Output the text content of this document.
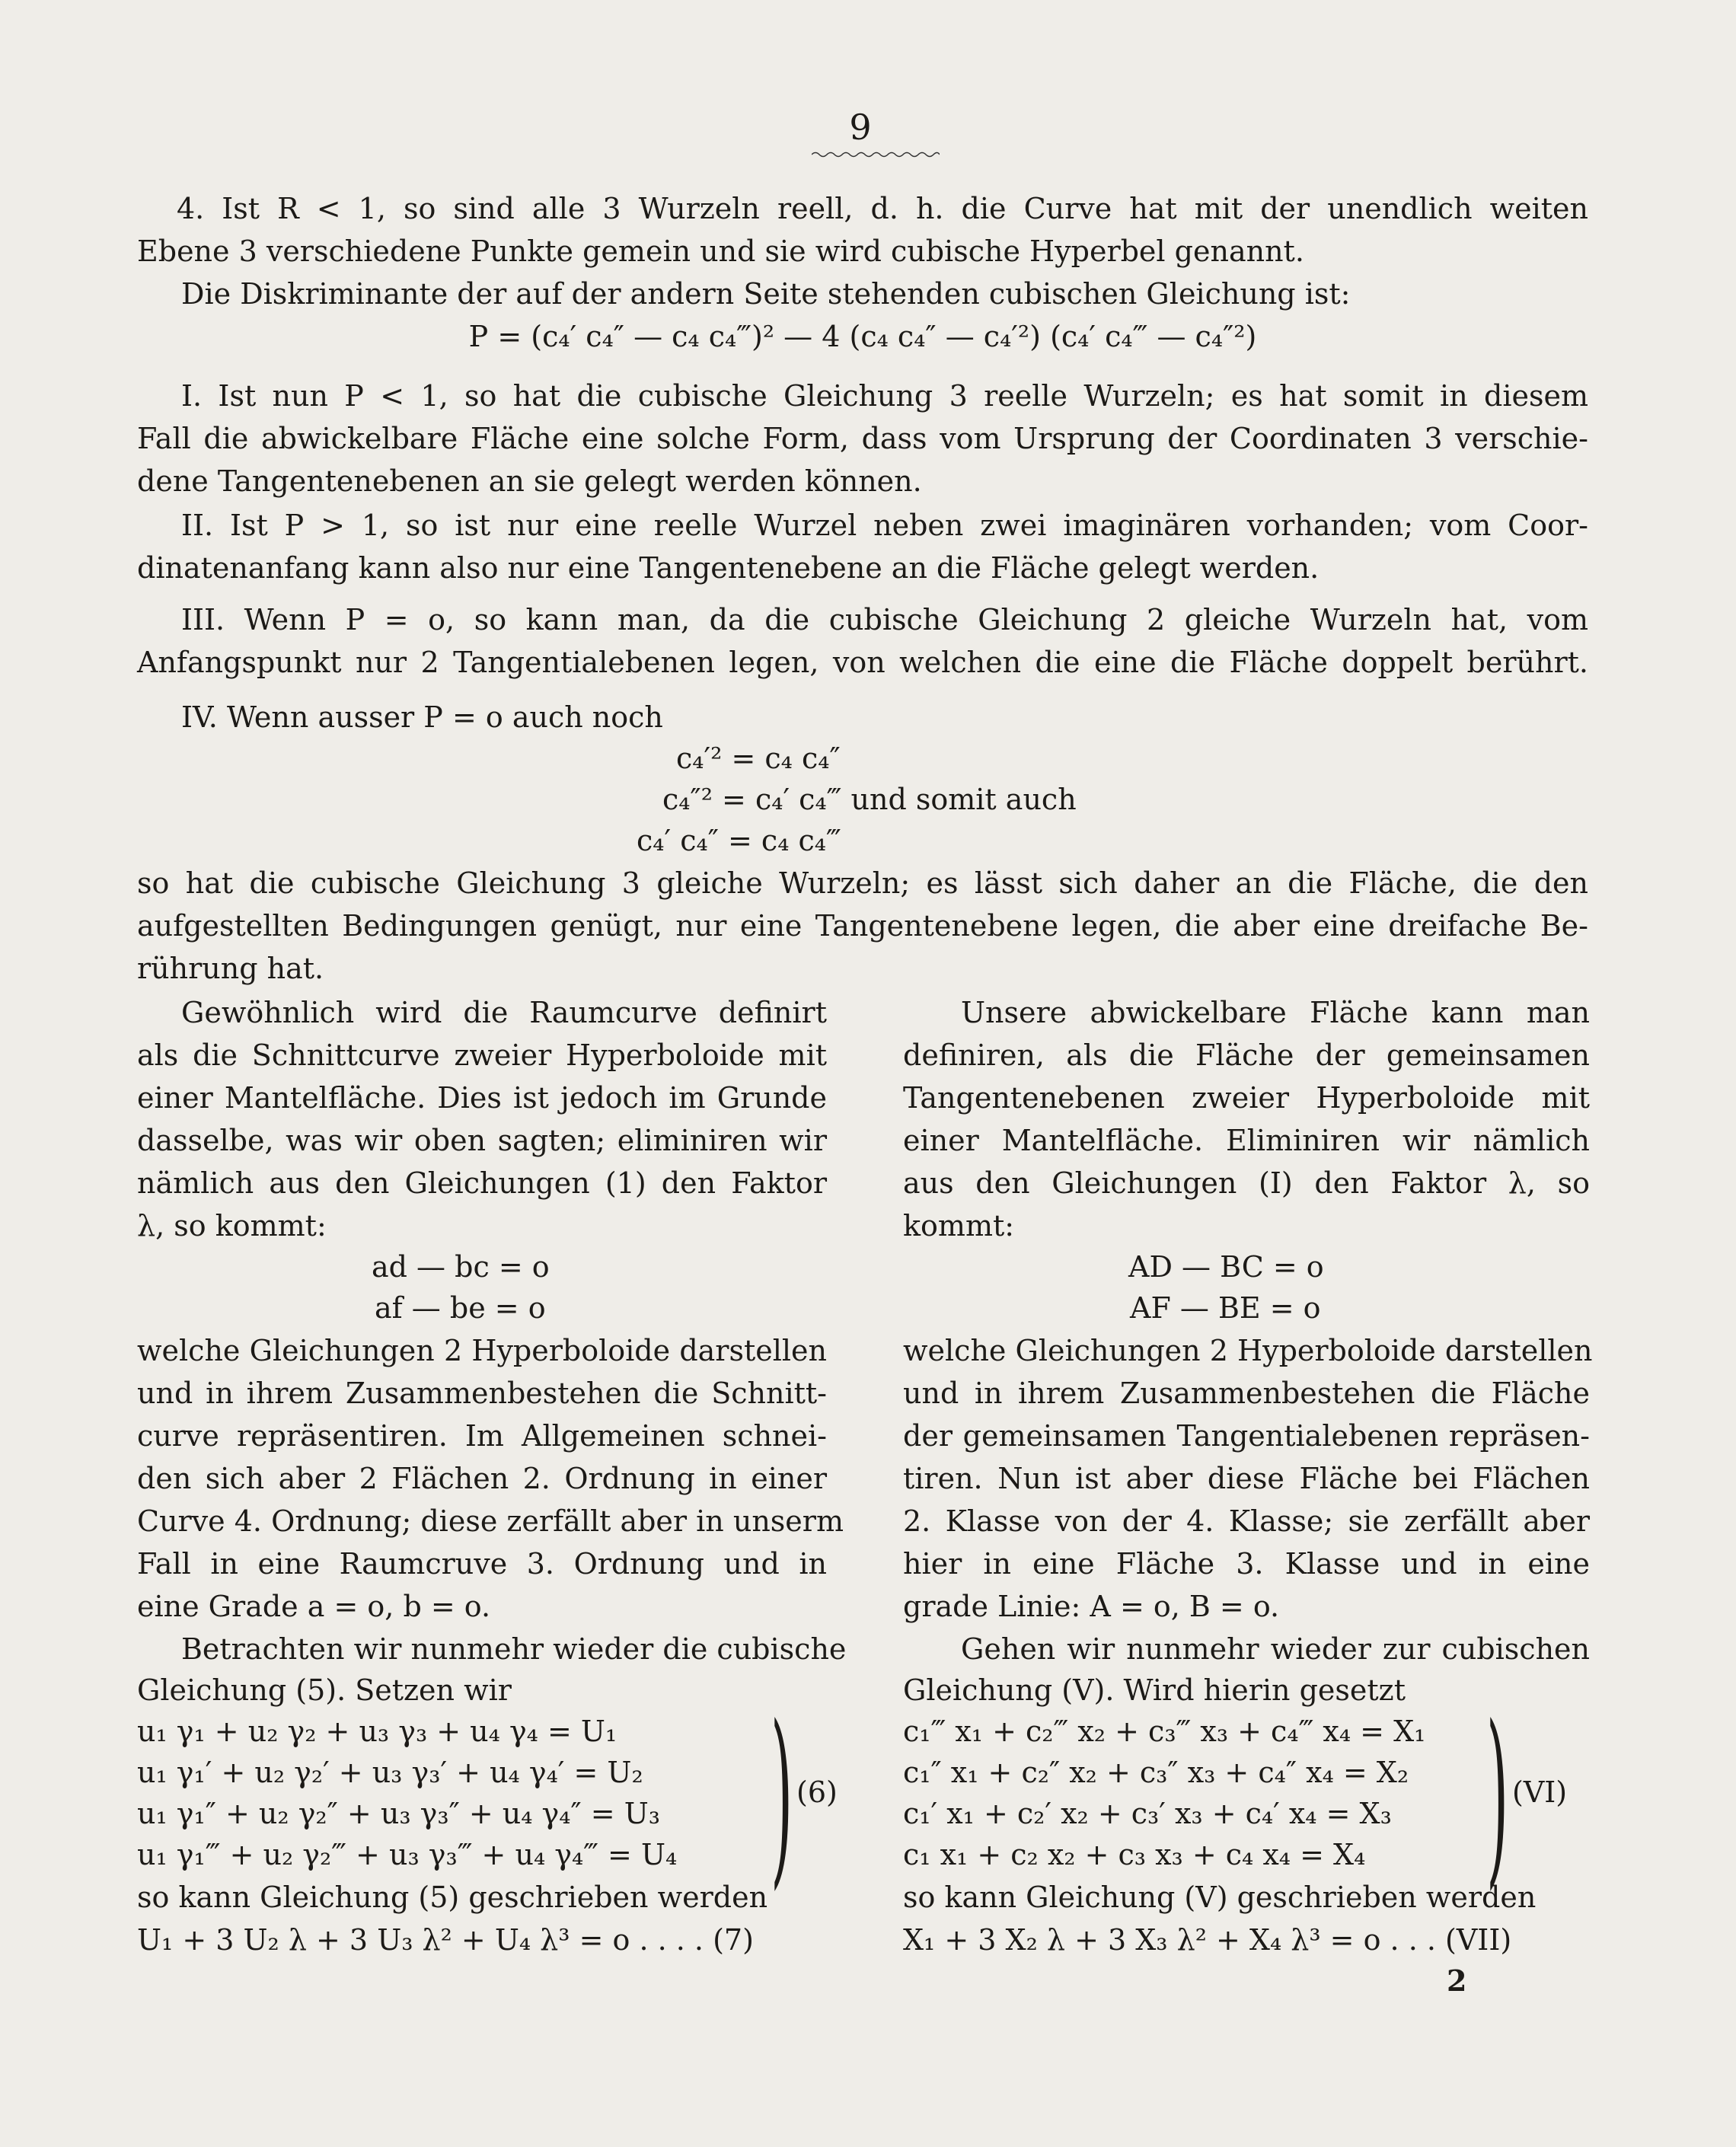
9
4. Ist R < 1, so sind alle 3 Wurzeln reell, d. h. die Curve hat mit der unendlich weiten
Ebene 3 verschiedene Punkte gemein und sie wird cubische Hyperbel genannt.
Die Diskriminante der auf der andern Seite stehenden cubischen Gleichung ist:
P = (c₄′ c₄″ — c₄ c₄‴)² — 4 (c₄ c₄″ — c₄′²) (c₄′ c₄‴ — c₄″²)
I. Ist nun P < 1, so hat die cubische Gleichung 3 reelle Wurzeln; es hat somit in diesem
Fall die abwickelbare Fläche eine solche Form, dass vom Ursprung der Coordinaten 3 verschie-
dene Tangentenebenen an sie gelegt werden können.
II. Ist P > 1, so ist nur eine reelle Wurzel neben zwei imaginären vorhanden; vom Coor-
dinatenanfang kann also nur eine Tangentenebene an die Fläche gelegt werden.
III. Wenn P = o, so kann man, da die cubische Gleichung 2 gleiche Wurzeln hat, vom
Anfangspunkt nur 2 Tangentialebenen legen, von welchen die eine die Fläche doppelt berührt.
IV. Wenn ausser P = o auch noch
c₄′² = c₄ c₄″
c₄″² = c₄′ c₄‴ und somit auch
c₄′ c₄″ = c₄ c₄‴
so hat die cubische Gleichung 3 gleiche Wurzeln; es lässt sich daher an die Fläche, die den
aufgestellten Bedingungen genügt, nur eine Tangentenebene legen, die aber eine dreifache Be-
rührung hat.
Gewöhnlich wird die Raumcurve definirt
als die Schnittcurve zweier Hyperboloide mit
einer Mantelfläche. Dies ist jedoch im Grunde
dasselbe, was wir oben sagten; eliminiren wir
nämlich aus den Gleichungen (1) den Faktor
λ, so kommt:
ad — bc = o
af — be = o
welche Gleichungen 2 Hyperboloide darstellen
und in ihrem Zusammenbestehen die Schnitt-
curve repräsentiren. Im Allgemeinen schnei-
den sich aber 2 Flächen 2. Ordnung in einer
Curve 4. Ordnung; diese zerfällt aber in unserm
Fall in eine Raumcruve 3. Ordnung und in
eine Grade a = o, b = o.
Betrachten wir nunmehr wieder die cubische
Gleichung (5). Setzen wir
u₁ γ₁ + u₂ γ₂ + u₃ γ₃ + u₄ γ₄ = U₁
u₁ γ₁′ + u₂ γ₂′ + u₃ γ₃′ + u₄ γ₄′ = U₂
u₁ γ₁″ + u₂ γ₂″ + u₃ γ₃″ + u₄ γ₄″ = U₃
u₁ γ₁‴ + u₂ γ₂‴ + u₃ γ₃‴ + u₄ γ₄‴ = U₄ ) (6)
so kann Gleichung (5) geschrieben werden
U₁ + 3 U₂ λ + 3 U₃ λ² + U₄ λ³ = o . . . . (7)
Unsere abwickelbare Fläche kann man
definiren, als die Fläche der gemeinsamen
Tangentenebenen zweier Hyperboloide mit
einer Mantelfläche. Eliminiren wir nämlich
aus den Gleichungen (I) den Faktor λ, so
kommt:
AD — BC = o
AF — BE = o
welche Gleichungen 2 Hyperboloide darstellen
und in ihrem Zusammenbestehen die Fläche
der gemeinsamen Tangentialebenen repräsen-
tiren. Nun ist aber diese Fläche bei Flächen
2. Klasse von der 4. Klasse; sie zerfällt aber
hier in eine Fläche 3. Klasse und in eine
grade Linie: A = o, B = o.
Gehen wir nunmehr wieder zur cubischen
Gleichung (V). Wird hierin gesetzt
c₁‴ x₁ + c₂‴ x₂ + c₃‴ x₃ + c₄‴ x₄ = X₁
c₁″ x₁ + c₂″ x₂ + c₃″ x₃ + c₄″ x₄ = X₂
c₁′ x₁ + c₂′ x₂ + c₃′ x₃ + c₄′ x₄ = X₃
c₁ x₁ + c₂ x₂ + c₃ x₃ + c₄ x₄ = X₄ ) (VI)
so kann Gleichung (V) geschrieben werden
X₁ + 3 X₂ λ + 3 X₃ λ² + X₄ λ³ = o . . . (VII)
2
